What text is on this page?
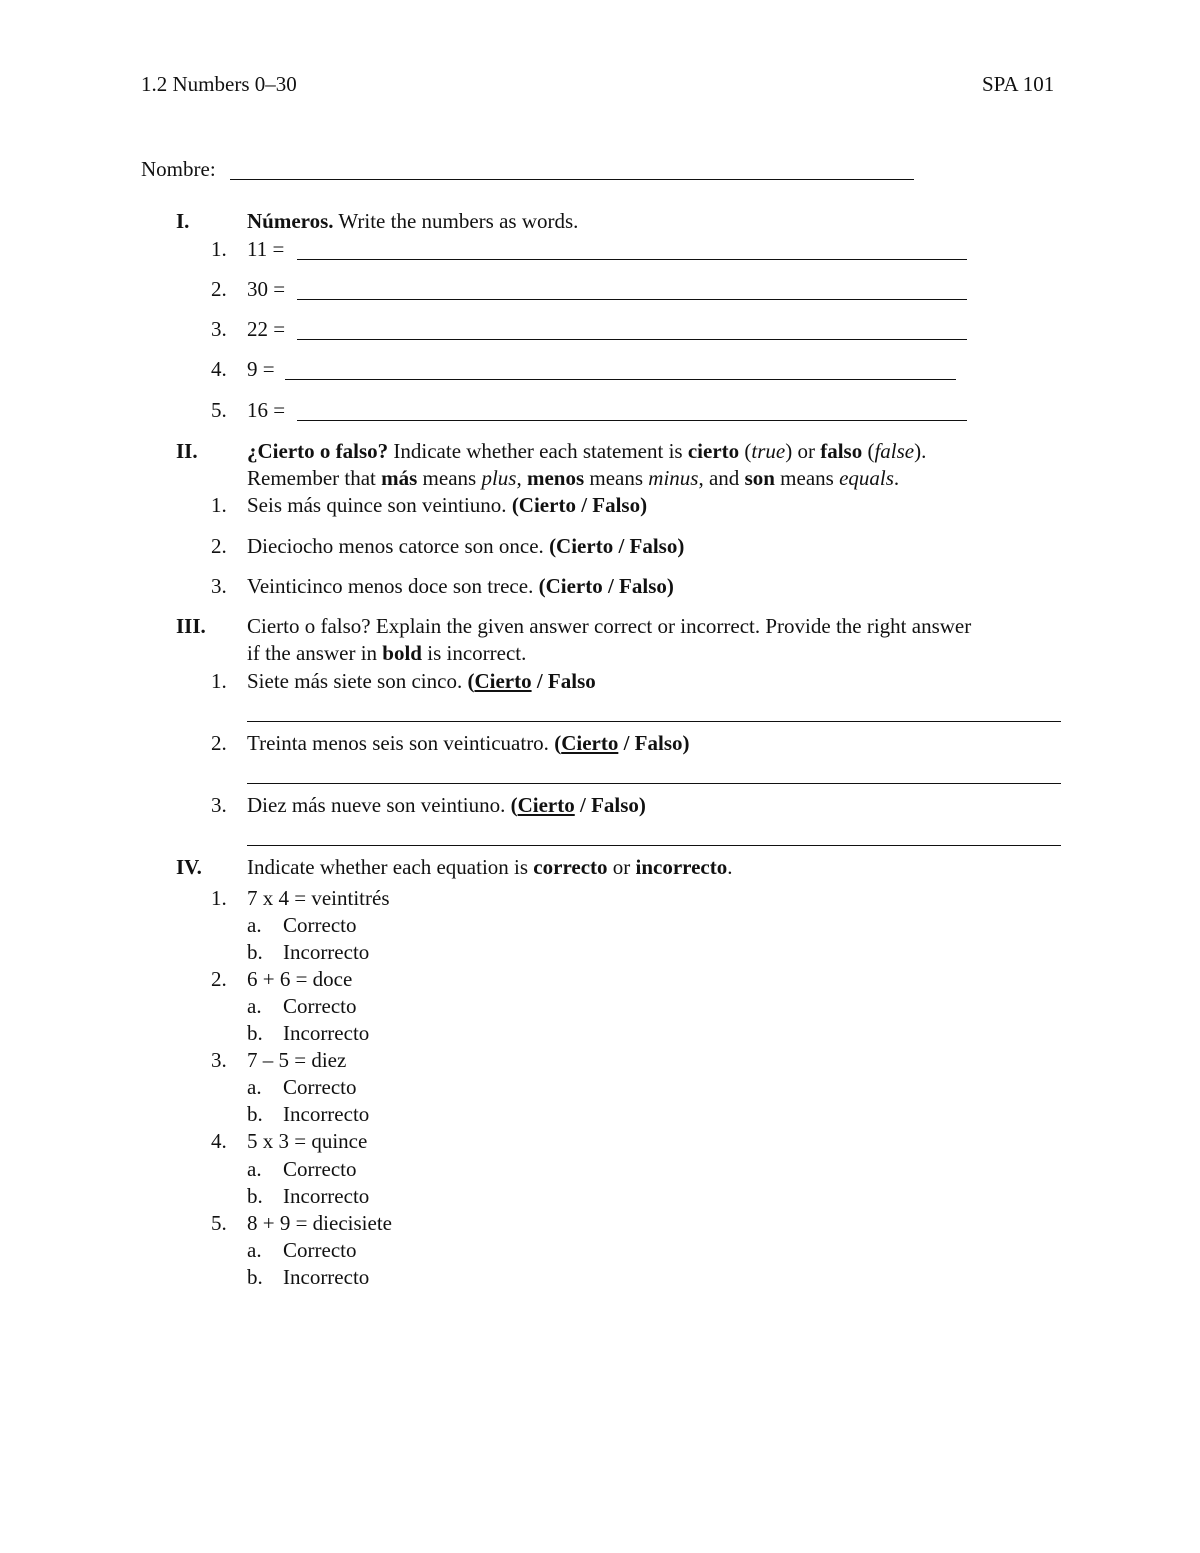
1.2 Numbers 0–30	SPA 101
Nombre:
I.	Números. Write the numbers as words.
1. 11 =
2. 30 =
3. 22 =
4. 9 =
5. 16 =
II. ¿Cierto o falso? Indicate whether each statement is cierto (true) or falso (false).
Remember that más means plus, menos means minus, and son means equals.
1. Seis más quince son veintiuno. (Cierto / Falso)
2. Dieciocho menos catorce son once. (Cierto / Falso)
3. Veinticinco menos doce son trece. (Cierto / Falso)
III. Cierto o falso? Explain the given answer correct or incorrect. Provide the right answer
if the answer in bold is incorrect.
1. Siete más siete son cinco. (Cierto / Falso
2. Treinta menos seis son veinticuatro. (Cierto / Falso)
3. Diez más nueve son veintiuno. (Cierto / Falso)
IV. Indicate whether each equation is correcto or incorrecto.
1. 7 x 4 = veintitrés
a. Correcto
b. Incorrecto
2. 6 + 6 = doce
a. Correcto
b. Incorrecto
3. 7 – 5 = diez
a. Correcto
b. Incorrecto
4. 5 x 3 = quince
a. Correcto
b. Incorrecto
5. 8 + 9 = diecisiete
a. Correcto
b. Incorrecto
